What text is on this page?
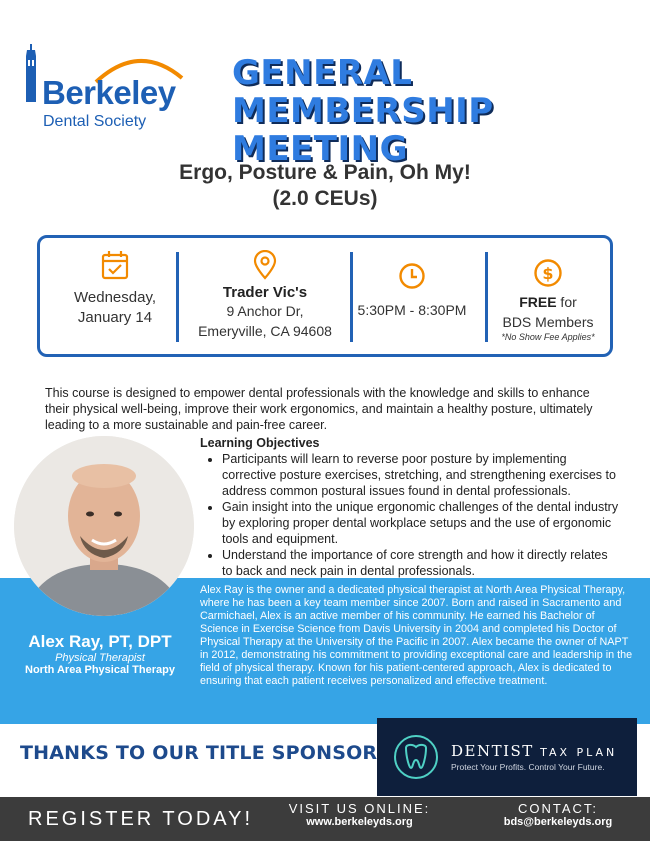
Berkeley
Dental Society
GENERAL MEMBERSHIP MEETING
Ergo, Posture & Pain, Oh My!
(2.0 CEUs)
Wednesday,
January 14
Trader Vic's
9 Anchor Dr,
Emeryville, CA 94608
5:30PM - 8:30PM
$
FREE for
BDS Members
*No Show Fee Applies*
This course is designed to empower dental professionals with the knowledge and skills to enhance their physical well-being, improve their work ergonomics, and maintain a healthy posture, ultimately leading to a more sustainable and pain-free career.
Learning Objectives
• Participants will learn to reverse poor posture by implementing corrective posture exercises, stretching, and strengthening exercises to address common postural issues found in dental professionals.
• Gain insight into the unique ergonomic challenges of the dental industry by exploring proper dental workplace setups and the use of ergonomic tools and equipment.
• Understand the importance of core strength and how it directly relates to back and neck pain in dental professionals.
Alex Ray, PT, DPT
Physical Therapist
North Area Physical Therapy
Alex Ray is the owner and a dedicated physical therapist at North Area Physical Therapy, where he has been a key team member since 2007. Born and raised in Sacramento and Carmichael, Alex is an active member of his community. He earned his Bachelor of Science in Exercise Science from Davis University in 2004 and completed his Doctor of Physical Therapy at the University of the Pacific in 2007. Alex became the owner of NAPT in 2012, demonstrating his commitment to providing exceptional care and leadership in the field of physical therapy. Known for his patient-centered approach, Alex is dedicated to ensuring that each patient receives personalized and effective treatment.
THANKS TO OUR TITLE SPONSOR	DENTIST TAX PLAN
Protect Your Profits. Control Your Future.
REGISTER TODAY!	VISIT US ONLINE:
www.berkeleyds.org
CONTACT:
bds@berkeleyds.org
